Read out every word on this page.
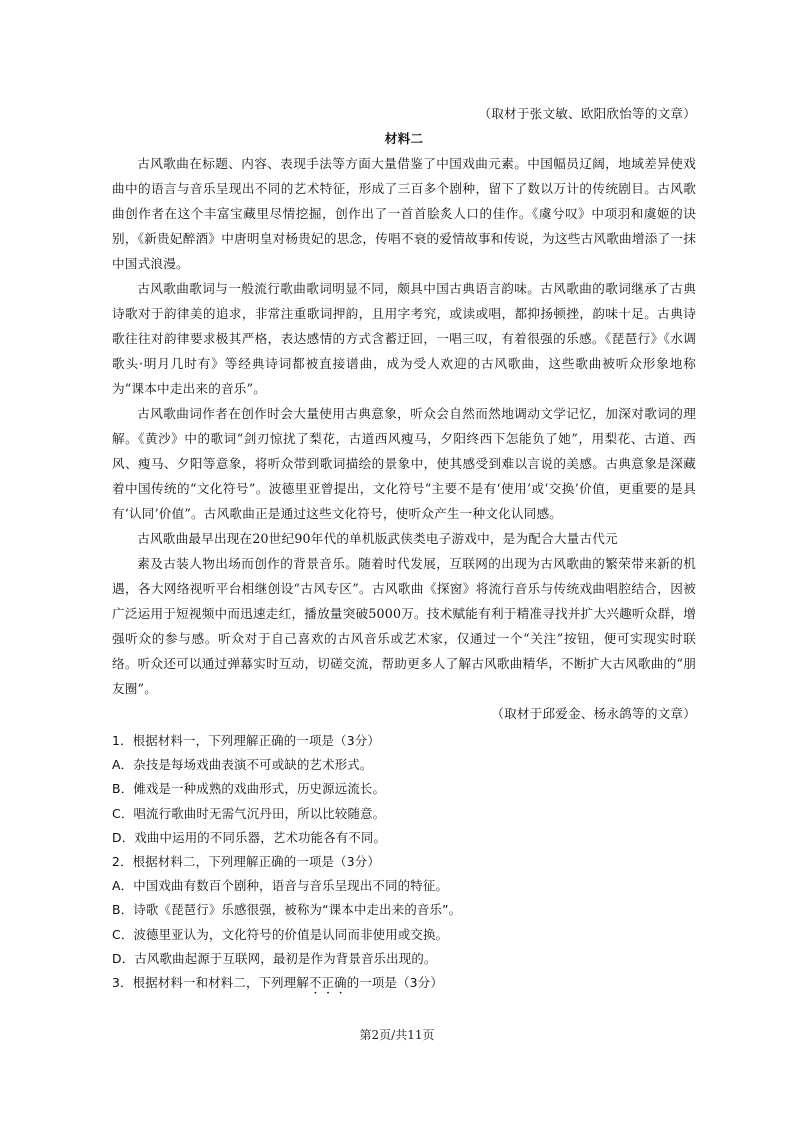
（取材于张文敏、欧阳欣怡等的文章）

材料二

古风歌曲在标题、内容、表现手法等方面大量借鉴了中国戏曲元素。中国幅员辽阔，地域差异使戏曲中的语言与音乐呈现出不同的艺术特征，形成了三百多个剧种，留下了数以万计的传统剧目。古风歌曲创作者在这个丰富宝藏里尽情挖掘，创作出了一首首脍炙人口的佳作。《虞兮叹》中项羽和虞姬的诀别，《新贵妃醉酒》中唐明皇对杨贵妃的思念，传唱不衰的爱情故事和传说，为这些古风歌曲增添了一抹中国式浪漫。

古风歌曲歌词与一般流行歌曲歌词明显不同，颇具中国古典语言韵味。古风歌曲的歌词继承了古典诗歌对于韵律美的追求，非常注重歌词押韵，且用字考究，或读或唱，都抑扬顿挫，韵味十足。古典诗歌往往对韵律要求极其严格，表达感情的方式含蓄迂回，一唱三叹，有着很强的乐感。《琵琶行》《水调歌头·明月几时有》等经典诗词都被直接谱曲，成为受人欢迎的古风歌曲，这些歌曲被听众形象地称为“课本中走出来的音乐”。

古风歌曲词作者在创作时会大量使用古典意象，听众会自然而然地调动文学记忆，加深对歌词的理解。《黄沙》中的歌词“剑刃惊扰了梨花，古道西风瘦马，夕阳终西下怎能负了她”，用梨花、古道、西风、瘦马、夕阳等意象，将听众带到歌词描绘的景象中，使其感受到难以言说的美感。古典意象是深藏着中国传统的“文化符号”。波德里亚曾提出，文化符号“主要不是有‘使用’或‘交换’价值，更重要的是具有‘认同’价值”。古风歌曲正是通过这些文化符号，使听众产生一种文化认同感。

古风歌曲最早出现在20世纪90年代的单机版武侠类电子游戏中，是为配合大量古代元

素及古装人物出场而创作的背景音乐。随着时代发展，互联网的出现为古风歌曲的繁荣带来新的机遇，各大网络视听平台相继创设“古风专区”。古风歌曲《探窗》将流行音乐与传统戏曲唱腔结合，因被广泛运用于短视频中而迅速走红，播放量突破5000万。技术赋能有利于精准寻找并扩大兴趣听众群，增强听众的参与感。听众对于自己喜欢的古风音乐或艺术家，仅通过一个“关注”按钮，便可实现实时联络。听众还可以通过弹幕实时互动，切磋交流，帮助更多人了解古风歌曲精华，不断扩大古风歌曲的“朋友圈”。

（取材于邱爱金、杨永鸽等的文章）

1．根据材料一，下列理解正确的一项是（3分）

A．杂技是每场戏曲表演不可或缺的艺术形式。

B．傩戏是一种成熟的戏曲形式，历史源远流长。

C．唱流行歌曲时无需气沉丹田，所以比较随意。

D．戏曲中运用的不同乐器，艺术功能各有不同。

2．根据材料二，下列理解正确的一项是（3分）

A．中国戏曲有数百个剧种，语音与音乐呈现出不同的特征。

B．诗歌《琵琶行》乐感很强，被称为“课本中走出来的音乐”。

C．波德里亚认为，文化符号的价值是认同而非使用或交换。

D．古风歌曲起源于互联网，最初是作为背景音乐出现的。

3．根据材料一和材料二，下列理解不正确的一项是（3分）

第2页/共11页
